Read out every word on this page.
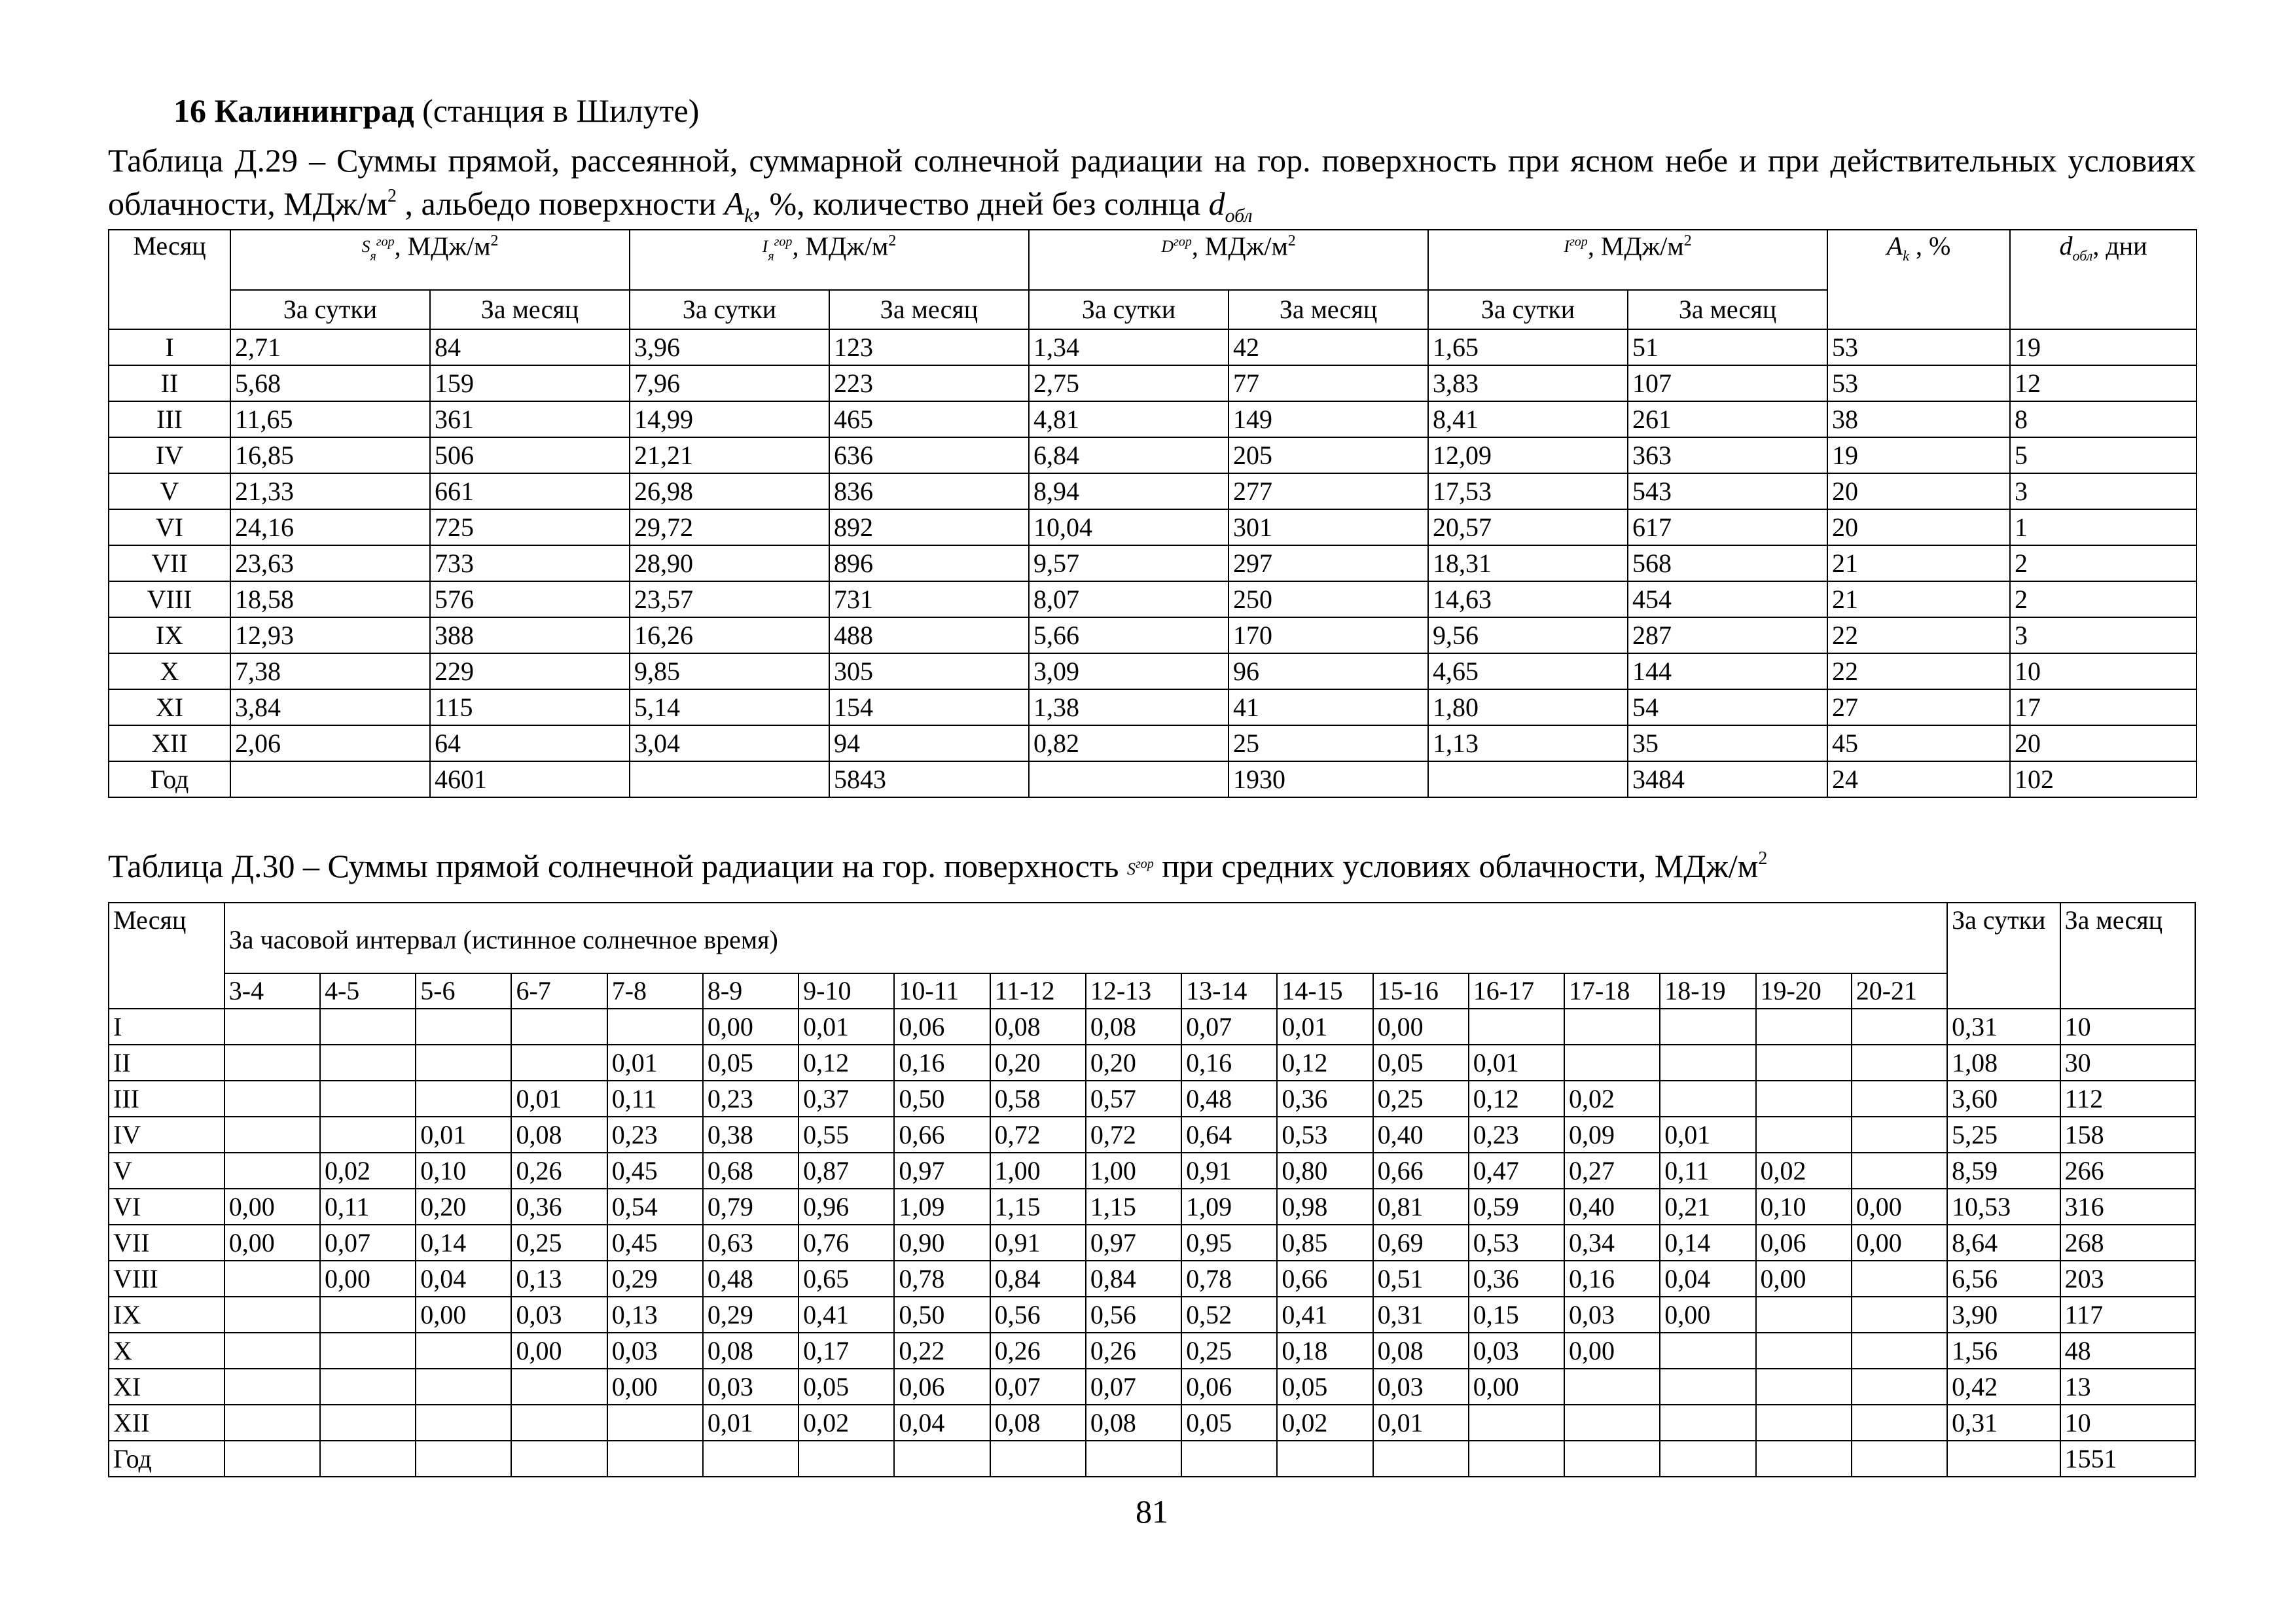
16 Калининград (станция в Шилуте)
Таблица Д.29 – Суммы прямой, рассеянной, суммарной солнечной радиации на гор. поверхность при ясном небе и при действительных условиях облачности, МДж/$м^2$ , альбедо поверхности $A_k$, %, количество дней без солнца $d_{обл}$
Месяц	$S_я^{гор}$, МДж/$м^2$		$I_я^{гор}$, МДж/$м^2$		$D^{гор}$, МДж/$м^2$		$I^{гор}$, МДж/$м^2$		$A_k$ , %	$d_{обл}$, дни
	За сутки	За месяц	За сутки	За месяц	За сутки	За месяц	За сутки	За месяц		
I	2,71	84	3,96	123	1,34	42	1,65	51	53	19
II	5,68	159	7,96	223	2,75	77	3,83	107	53	12
III	11,65	361	14,99	465	4,81	149	8,41	261	38	8
IV	16,85	506	21,21	636	6,84	205	12,09	363	19	5
V	21,33	661	26,98	836	8,94	277	17,53	543	20	3
VI	24,16	725	29,72	892	10,04	301	20,57	617	20	1
VII	23,63	733	28,90	896	9,57	297	18,31	568	21	2
VIII	18,58	576	23,57	731	8,07	250	14,63	454	21	2
IX	12,93	388	16,26	488	5,66	170	9,56	287	22	3
X	7,38	229	9,85	305	3,09	96	4,65	144	22	10
XI	3,84	115	5,14	154	1,38	41	1,80	54	27	17
XII	2,06	64	3,04	94	0,82	25	1,13	35	45	20
Год		4601		5843		1930		3484	24	102
Таблица Д.30 – Суммы прямой солнечной радиации на гор. поверхность $S^{гор}$ при средних условиях облачности, МДж/$м^2$
Месяц	За часовой интервал (истинное солнечное время)																		За сутки	За месяц
	3-4	4-5	5-6	6-7	7-8	8-9	9-10	10-11	11-12	12-13	13-14	14-15	15-16	16-17	17-18	18-19	19-20	20-21		
I						0,00	0,01	0,06	0,08	0,08	0,07	0,01	0,00						0,31	10
II					0,01	0,05	0,12	0,16	0,20	0,20	0,16	0,12	0,05	0,01					1,08	30
III				0,01	0,11	0,23	0,37	0,50	0,58	0,57	0,48	0,36	0,25	0,12	0,02				3,60	112
IV			0,01	0,08	0,23	0,38	0,55	0,66	0,72	0,72	0,64	0,53	0,40	0,23	0,09	0,01			5,25	158
V		0,02	0,10	0,26	0,45	0,68	0,87	0,97	1,00	1,00	0,91	0,80	0,66	0,47	0,27	0,11	0,02		8,59	266
VI	0,00	0,11	0,20	0,36	0,54	0,79	0,96	1,09	1,15	1,15	1,09	0,98	0,81	0,59	0,40	0,21	0,10	0,00	10,53	316
VII	0,00	0,07	0,14	0,25	0,45	0,63	0,76	0,90	0,91	0,97	0,95	0,85	0,69	0,53	0,34	0,14	0,06	0,00	8,64	268
VIII		0,00	0,04	0,13	0,29	0,48	0,65	0,78	0,84	0,84	0,78	0,66	0,51	0,36	0,16	0,04	0,00		6,56	203
IX			0,00	0,03	0,13	0,29	0,41	0,50	0,56	0,56	0,52	0,41	0,31	0,15	0,03	0,00			3,90	117
X				0,00	0,03	0,08	0,17	0,22	0,26	0,26	0,25	0,18	0,08	0,03	0,00				1,56	48
XI					0,00	0,03	0,05	0,06	0,07	0,07	0,06	0,05	0,03	0,00					0,42	13
XII						0,01	0,02	0,04	0,08	0,08	0,05	0,02	0,01						0,31	10
Год																				1551
81
